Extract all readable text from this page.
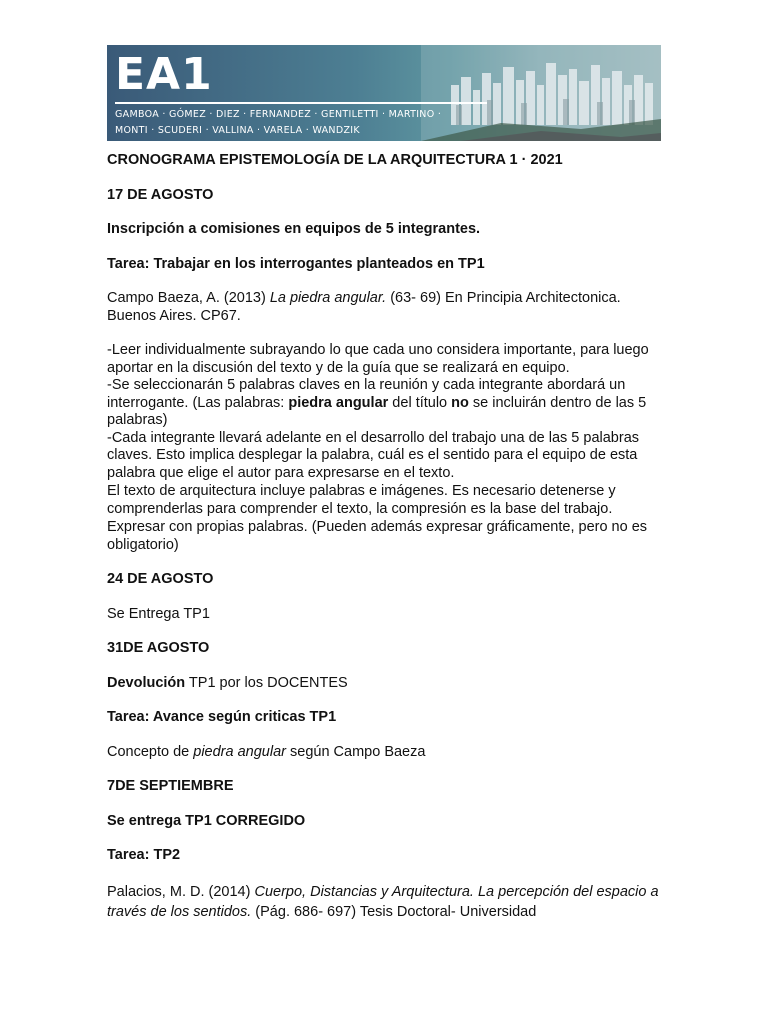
EA1
GAMBOA · GÓMEZ · DIEZ · FERNANDEZ · GENTILETTI · MARTINO ·
MONTI · SCUDERI · VALLINA · VARELA · WANDZIK

CRONOGRAMA EPISTEMOLOGÍA DE LA ARQUITECTURA 1 · 2021

17 DE AGOSTO

Inscripción a comisiones en equipos de 5 integrantes.

Tarea: Trabajar en los interrogantes planteados en TP1

Campo Baeza, A. (2013) La piedra angular. (63- 69) En Principia Architectonica. Buenos Aires. CP67.

-Leer individualmente subrayando lo que cada uno considera importante, para luego aportar en la discusión del texto y de la guía que se realizará en equipo.

-Se seleccionarán 5 palabras claves en la reunión y cada integrante abordará un interrogante. (Las palabras: piedra angular del título no se incluirán dentro de las 5 palabras)

-Cada integrante llevará adelante en el desarrollo del trabajo una de las 5 palabras claves. Esto implica desplegar la palabra, cuál es el sentido para el equipo de esta palabra que elige el autor para expresarse en el texto.

El texto de arquitectura incluye palabras e imágenes. Es necesario detenerse y comprenderlas para comprender el texto, la compresión es la base del trabajo. Expresar con propias palabras. (Pueden además expresar gráficamente, pero no es obligatorio)

24 DE AGOSTO

Se Entrega TP1

31DE AGOSTO

Devolución TP1 por los DOCENTES

Tarea: Avance según criticas TP1

Concepto de piedra angular según Campo Baeza

7DE SEPTIEMBRE

Se entrega TP1 CORREGIDO

Tarea: TP2

Palacios, M. D. (2014) Cuerpo, Distancias y Arquitectura. La percepción del espacio a través de los sentidos. (Pág. 686- 697) Tesis Doctoral- Universidad
